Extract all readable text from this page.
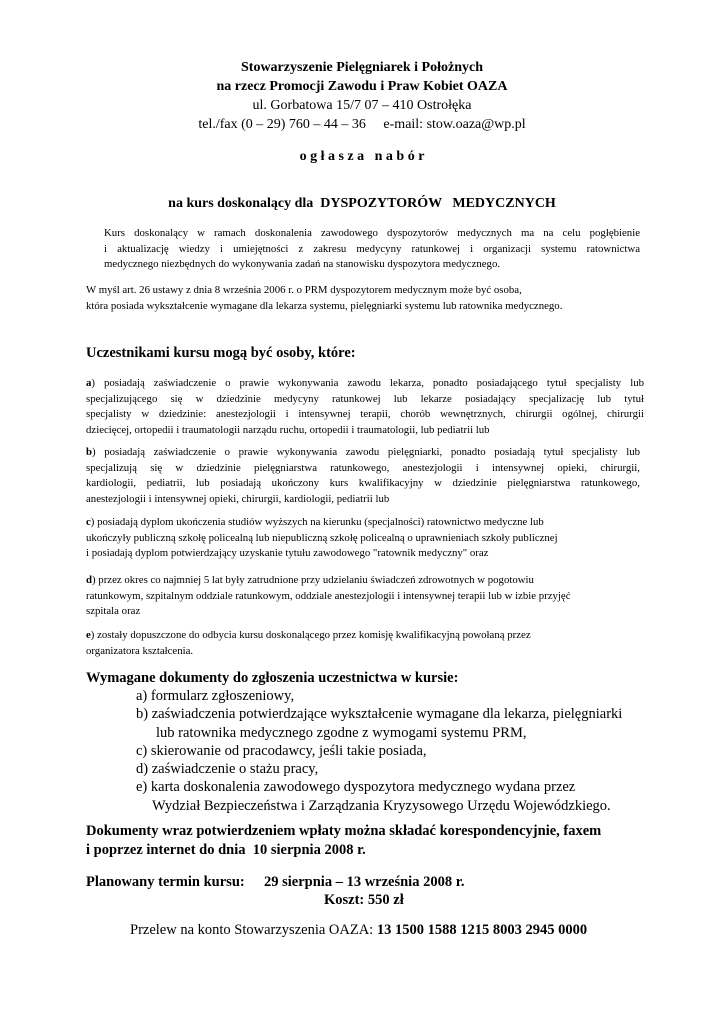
Stowarzyszenie Pielęgniarek i Położnych
na rzecz Promocji Zawodu i Praw Kobiet OAZA
ul. Gorbatowa 15/7 07 – 410 Ostrołęka
tel./fax (0 – 29) 760 – 44 – 36     e-mail: stow.oaza@wp.pl
o g ł a s z a   n a b ó r
na kurs doskonalący dla DYSPOZYTORÓW   MEDYCZNYCH
Kurs doskonalący w ramach doskonalenia zawodowego dyspozytorów medycznych ma na celu pogłębienie
i aktualizację wiedzy i umiejętności z zakresu medycyny ratunkowej i organizacji systemu ratownictwa
medycznego niezbędnych do wykonywania zadań na stanowisku dyspozytora medycznego.
W myśl art. 26 ustawy z dnia 8 września 2006 r. o PRM dyspozytorem medycznym może być osoba,
która posiada wykształcenie wymagane dla lekarza systemu, pielęgniarki systemu lub ratownika medycznego.
Uczestnikami kursu mogą być osoby, które:
a) posiadają zaświadczenie o prawie wykonywania zawodu lekarza, ponadto posiadającego tytuł specjalisty lub
specjalizującego się w dziedzinie medycyny ratunkowej lub lekarze posiadający specjalizację lub tytuł
specjalisty w dziedzinie: anestezjologii i intensywnej terapii, chorób wewnętrznych, chirurgii ogólnej, chirurgii
dziecięcej, ortopedii i traumatologii narządu ruchu, ortopedii i traumatologii, lub pediatrii lub
b) posiadają zaświadczenie o prawie wykonywania zawodu pielęgniarki, ponadto posiadają tytuł specjalisty lub
specjalizują się w dziedzinie pielęgniarstwa ratunkowego, anestezjologii i intensywnej opieki, chirurgii,
kardiologii, pediatrii, lub posiadają ukończony kurs kwalifikacyjny w dziedzinie pielęgniarstwa ratunkowego,
anestezjologii i intensywnej opieki, chirurgii, kardiologii, pediatrii lub
c) posiadają dyplom ukończenia studiów wyższych na kierunku (specjalności) ratownictwo medyczne lub
ukończyły publiczną szkołę policealną lub niepubliczną szkołę policealną o uprawnieniach szkoły publicznej
i posiadają dyplom potwierdzający uzyskanie tytułu zawodowego "ratownik medyczny" oraz
d) przez okres co najmniej 5 lat były zatrudnione przy udzielaniu świadczeń zdrowotnych w pogotowiu
ratunkowym, szpitalnym oddziale ratunkowym, oddziale anestezjologii i intensywnej terapii lub w izbie przyjęć
szpitala oraz
e) zostały dopuszczone do odbycia kursu doskonalącego przez komisję kwalifikacyjną powołaną przez
organizatora kształcenia.
Wymagane dokumenty do zgłoszenia uczestnictwa w kursie:
a) formularz zgłoszeniowy,
b) zaświadczenia potwierdzające wykształcenie wymagane dla lekarza, pielęgniarki
lub ratownika medycznego zgodne z wymogami systemu PRM,
c) skierowanie od pracodawcy, jeśli takie posiada,
d) zaświadczenie o stażu pracy,
e) karta doskonalenia zawodowego dyspozytora medycznego wydana przez
Wydział Bezpieczeństwa i Zarządzania Kryzysowego Urzędu Wojewódzkiego.
Dokumenty wraz potwierdzeniem wpłaty można składać korespondencyjnie, faxem
i poprzez internet do dnia  10 sierpnia 2008 r.
Planowany termin kursu: 29 sierpnia – 13 września 2008 r.
Koszt: 550 zł
Przelew na konto Stowarzyszenia OAZA: 13 1500 1588 1215 8003 2945 0000
